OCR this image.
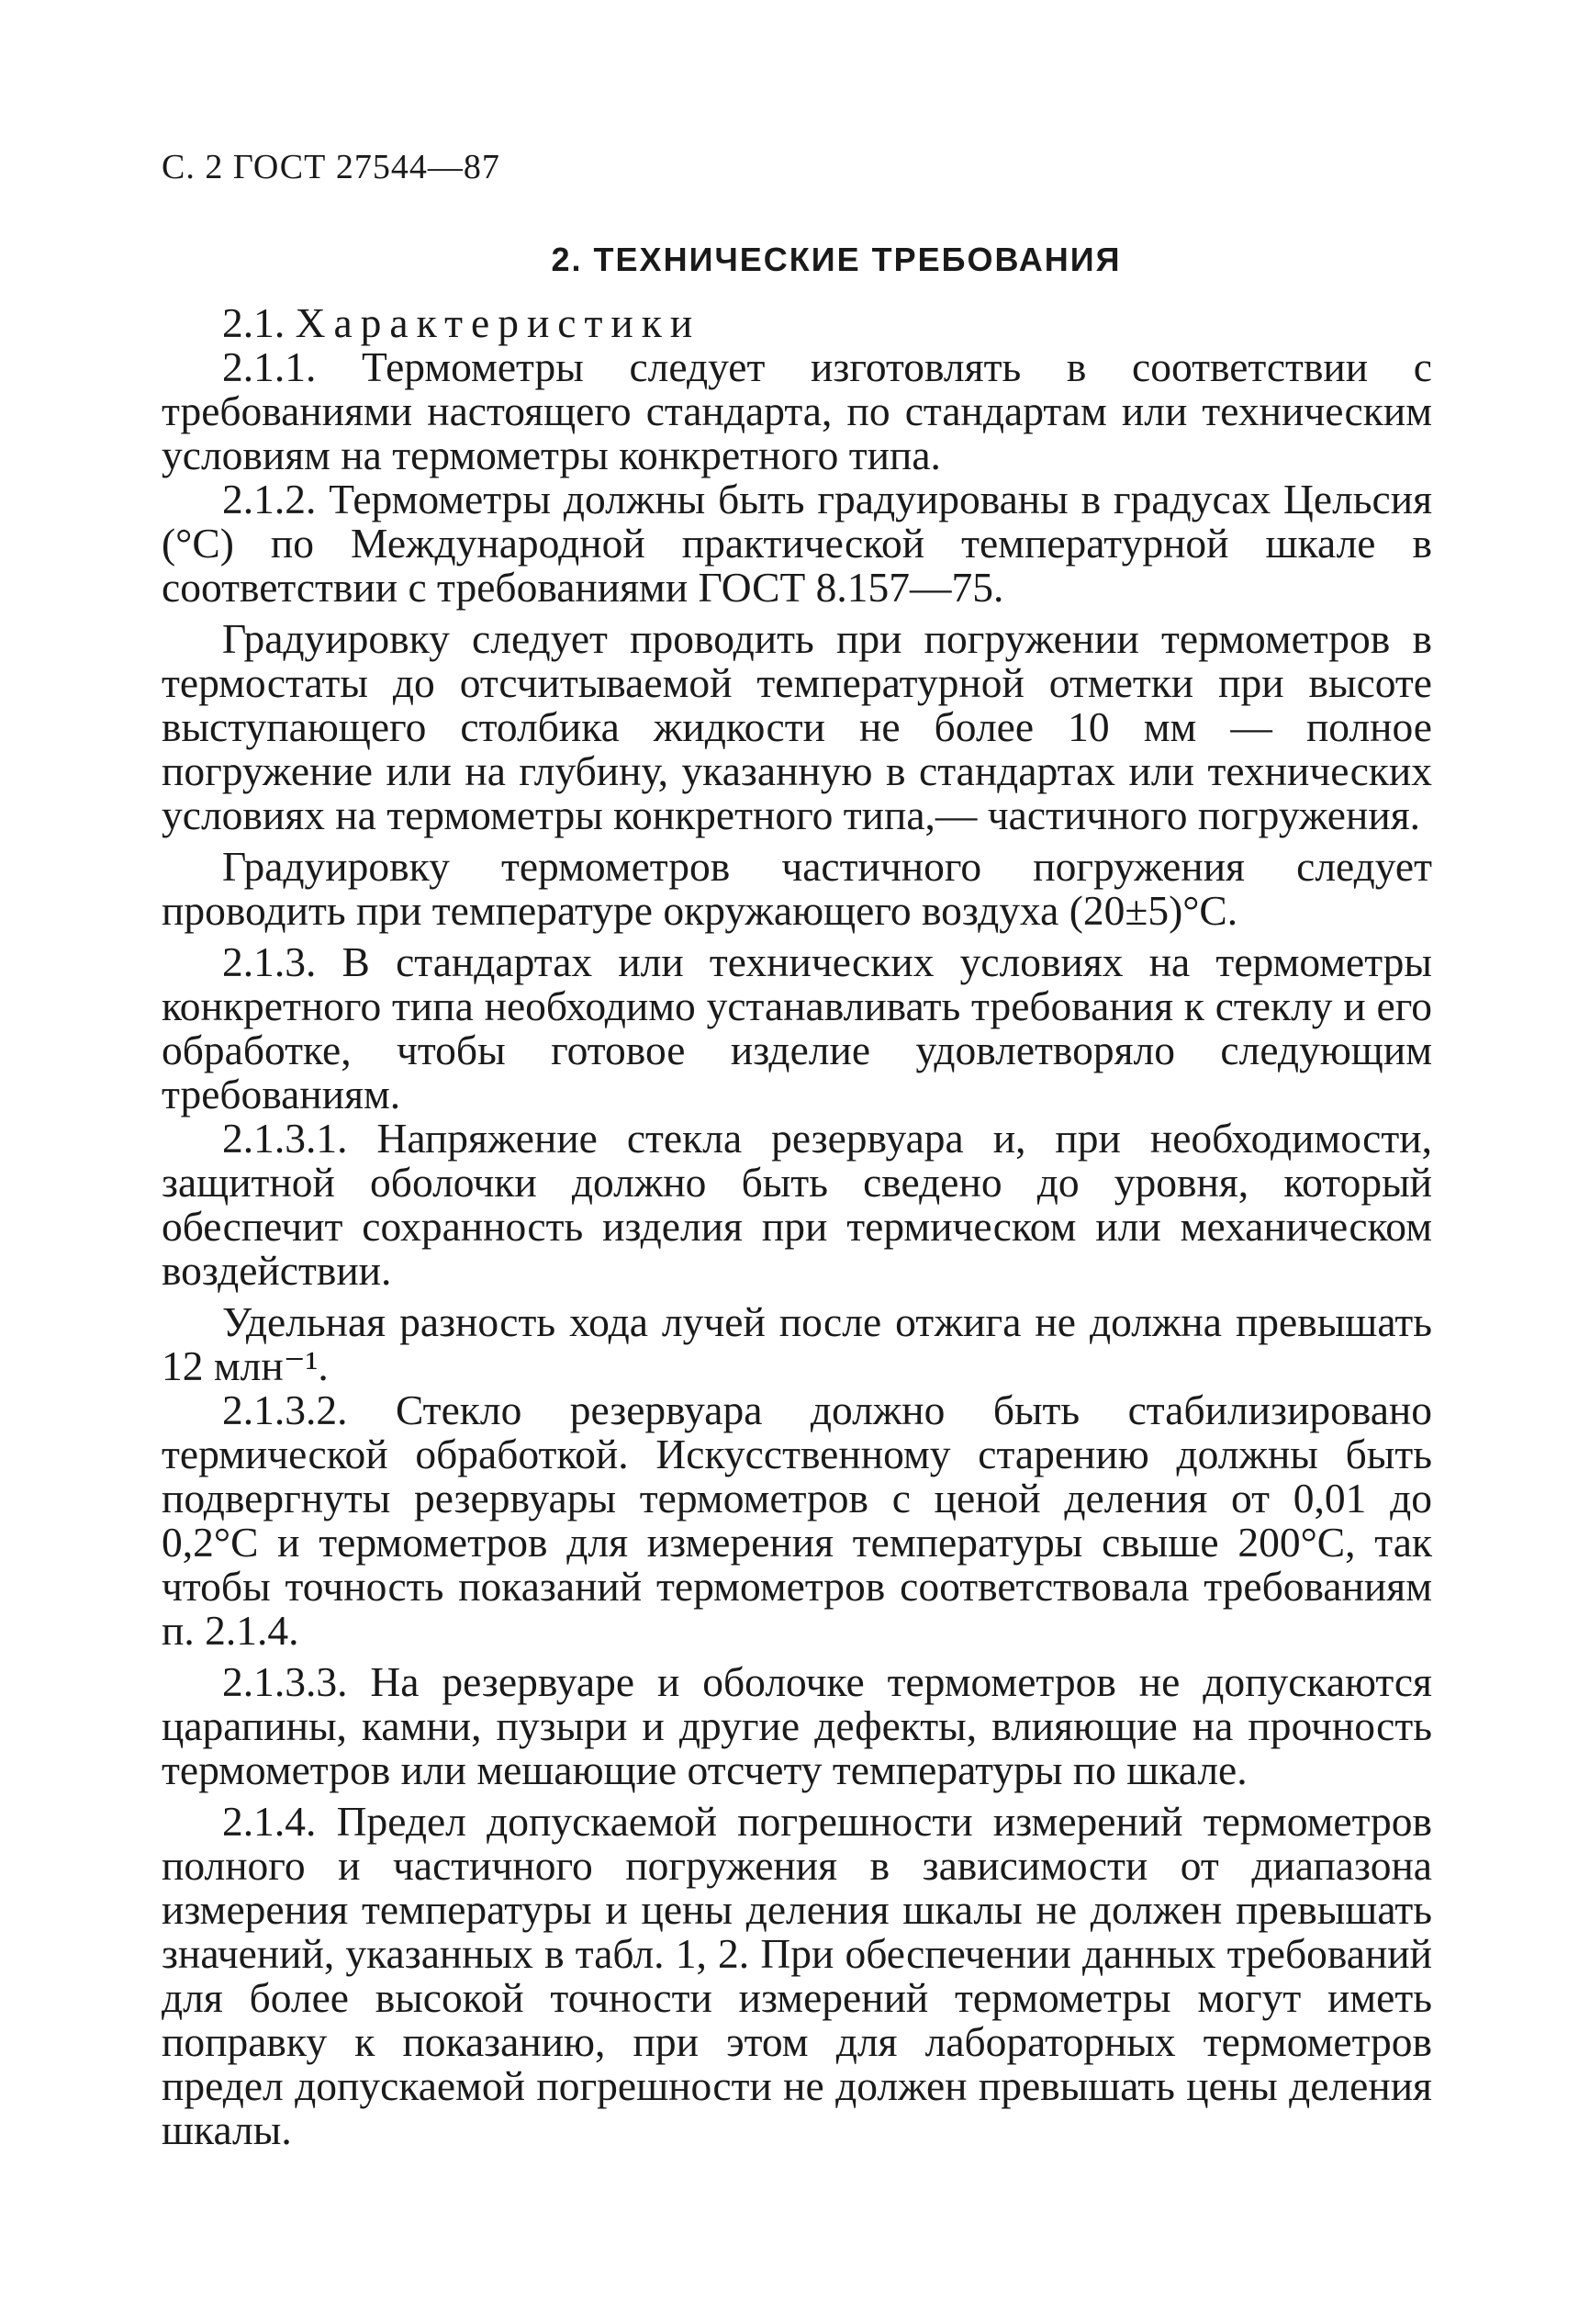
С. 2 ГОСТ 27544—87
2. ТЕХНИЧЕСКИЕ ТРЕБОВАНИЯ

2.1. Характеристики

2.1.1. Термометры следует изготовлять в соответствии с требованиями настоящего стандарта, по стандартам или техническим условиям на термометры конкретного типа.

2.1.2. Термометры должны быть градуированы в градусах Цельсия (°С) по Международной практической температурной шкале в соответствии с требованиями ГОСТ 8.157—75.

Градуировку следует проводить при погружении термометров в термостаты до отсчитываемой температурной отметки при высоте выступающего столбика жидкости не более 10 мм — полное погружение или на глубину, указанную в стандартах или технических условиях на термометры конкретного типа,— частичного погружения.

Градуировку термометров частичного погружения следует проводить при температуре окружающего воздуха (20±5)°С.

2.1.3. В стандартах или технических условиях на термометры конкретного типа необходимо устанавливать требования к стеклу и его обработке, чтобы готовое изделие удовлетворяло следующим требованиям.

2.1.3.1. Напряжение стекла резервуара и, при необходимости, защитной оболочки должно быть сведено до уровня, который обеспечит сохранность изделия при термическом или механическом воздействии.

Удельная разность хода лучей после отжига не должна превышать 12 млн⁻¹.

2.1.3.2. Стекло резервуара должно быть стабилизировано термической обработкой. Искусственному старению должны быть подвергнуты резервуары термометров с ценой деления от 0,01 до 0,2°С и термометров для измерения температуры свыше 200°С, так чтобы точность показаний термометров соответствовала требованиям п. 2.1.4.

2.1.3.3. На резервуаре и оболочке термометров не допускаются царапины, камни, пузыри и другие дефекты, влияющие на прочность термометров или мешающие отсчету температуры по шкале.

2.1.4. Предел допускаемой погрешности измерений термометров полного и частичного погружения в зависимости от диапазона измерения температуры и цены деления шкалы не должен превышать значений, указанных в табл. 1, 2. При обеспечении данных требований для более высокой точности измерений термометры могут иметь поправку к показанию, при этом для лабораторных термометров предел допускаемой погрешности не должен превышать цены деления шкалы.
